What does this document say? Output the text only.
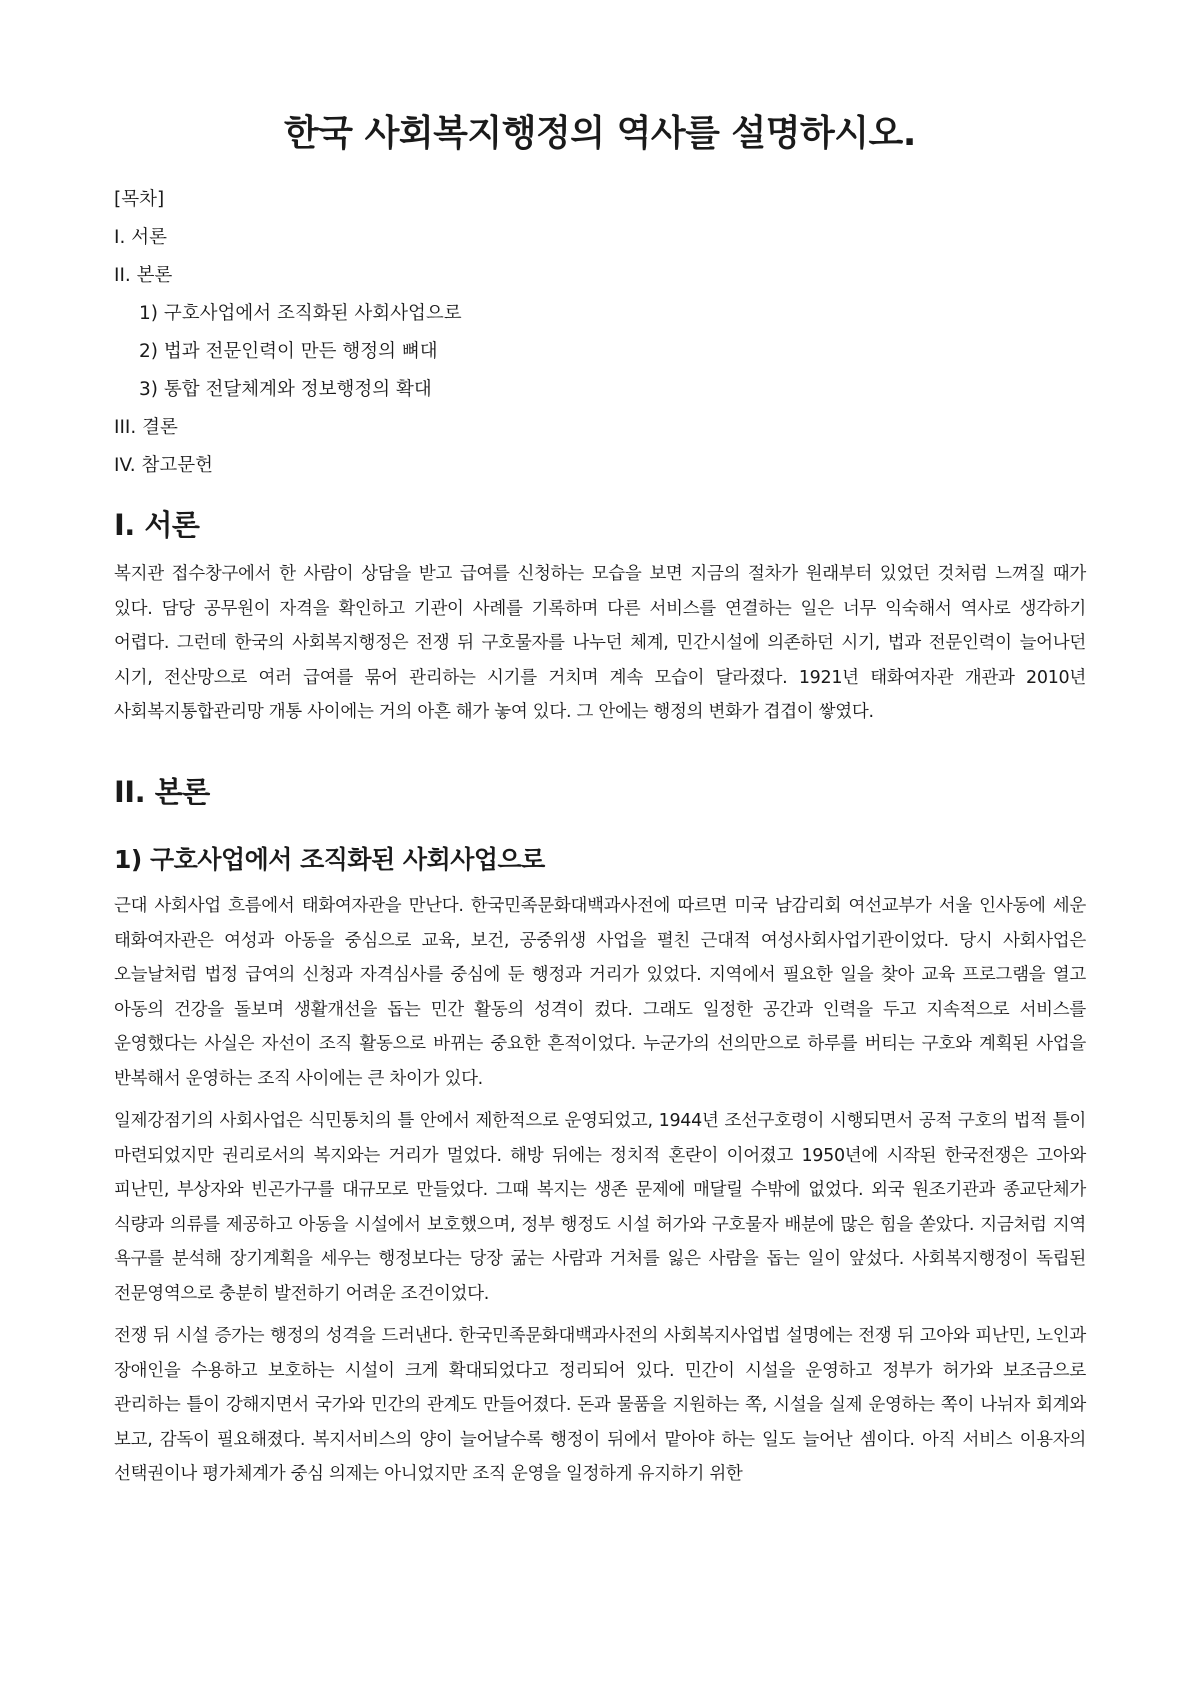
한국 사회복지행정의 역사를 설명하시오.
[목차]
I. 서론
II. 본론
1) 구호사업에서 조직화된 사회사업으로
2) 법과 전문인력이 만든 행정의 뼈대
3) 통합 전달체계와 정보행정의 확대
III. 결론
IV. 참고문헌
I. 서론

복지관 접수창구에서 한 사람이 상담을 받고 급여를 신청하는 모습을 보면 지금의 절차가 원래부터 있었던 것처럼 느껴질 때가 있다. 담당 공무원이 자격을 확인하고 기관이 사례를 기록하며 다른 서비스를 연결하는 일은 너무 익숙해서 역사로 생각하기 어렵다. 그런데 한국의 사회복지행정은 전쟁 뒤 구호물자를 나누던 체계, 민간시설에 의존하던 시기, 법과 전문인력이 늘어나던 시기, 전산망으로 여러 급여를 묶어 관리하는 시기를 거치며 계속 모습이 달라졌다. 1921년 태화여자관 개관과 2010년 사회복지통합관리망 개통 사이에는 거의 아흔 해가 놓여 있다. 그 안에는 행정의 변화가 겹겹이 쌓였다.

II. 본론
1) 구호사업에서 조직화된 사회사업으로

근대 사회사업 흐름에서 태화여자관을 만난다. 한국민족문화대백과사전에 따르면 미국 남감리회 여선교부가 서울 인사동에 세운 태화여자관은 여성과 아동을 중심으로 교육, 보건, 공중위생 사업을 펼친 근대적 여성사회사업기관이었다. 당시 사회사업은 오늘날처럼 법정 급여의 신청과 자격심사를 중심에 둔 행정과 거리가 있었다. 지역에서 필요한 일을 찾아 교육 프로그램을 열고 아동의 건강을 돌보며 생활개선을 돕는 민간 활동의 성격이 컸다. 그래도 일정한 공간과 인력을 두고 지속적으로 서비스를 운영했다는 사실은 자선이 조직 활동으로 바뀌는 중요한 흔적이었다. 누군가의 선의만으로 하루를 버티는 구호와 계획된 사업을 반복해서 운영하는 조직 사이에는 큰 차이가 있다.

일제강점기의 사회사업은 식민통치의 틀 안에서 제한적으로 운영되었고, 1944년 조선구호령이 시행되면서 공적 구호의 법적 틀이 마련되었지만 권리로서의 복지와는 거리가 멀었다. 해방 뒤에는 정치적 혼란이 이어졌고 1950년에 시작된 한국전쟁은 고아와 피난민, 부상자와 빈곤가구를 대규모로 만들었다. 그때 복지는 생존 문제에 매달릴 수밖에 없었다. 외국 원조기관과 종교단체가 식량과 의류를 제공하고 아동을 시설에서 보호했으며, 정부 행정도 시설 허가와 구호물자 배분에 많은 힘을 쏟았다. 지금처럼 지역 욕구를 분석해 장기계획을 세우는 행정보다는 당장 굶는 사람과 거처를 잃은 사람을 돕는 일이 앞섰다. 사회복지행정이 독립된 전문영역으로 충분히 발전하기 어려운 조건이었다.

전쟁 뒤 시설 증가는 행정의 성격을 드러낸다. 한국민족문화대백과사전의 사회복지사업법 설명에는 전쟁 뒤 고아와 피난민, 노인과 장애인을 수용하고 보호하는 시설이 크게 확대되었다고 정리되어 있다. 민간이 시설을 운영하고 정부가 허가와 보조금으로 관리하는 틀이 강해지면서 국가와 민간의 관계도 만들어졌다. 돈과 물품을 지원하는 쪽, 시설을 실제 운영하는 쪽이 나뉘자 회계와 보고, 감독이 필요해졌다. 복지서비스의 양이 늘어날수록 행정이 뒤에서 맡아야 하는 일도 늘어난 셈이다. 아직 서비스 이용자의 선택권이나 평가체계가 중심 의제는 아니었지만 조직 운영을 일정하게 유지하기 위한
